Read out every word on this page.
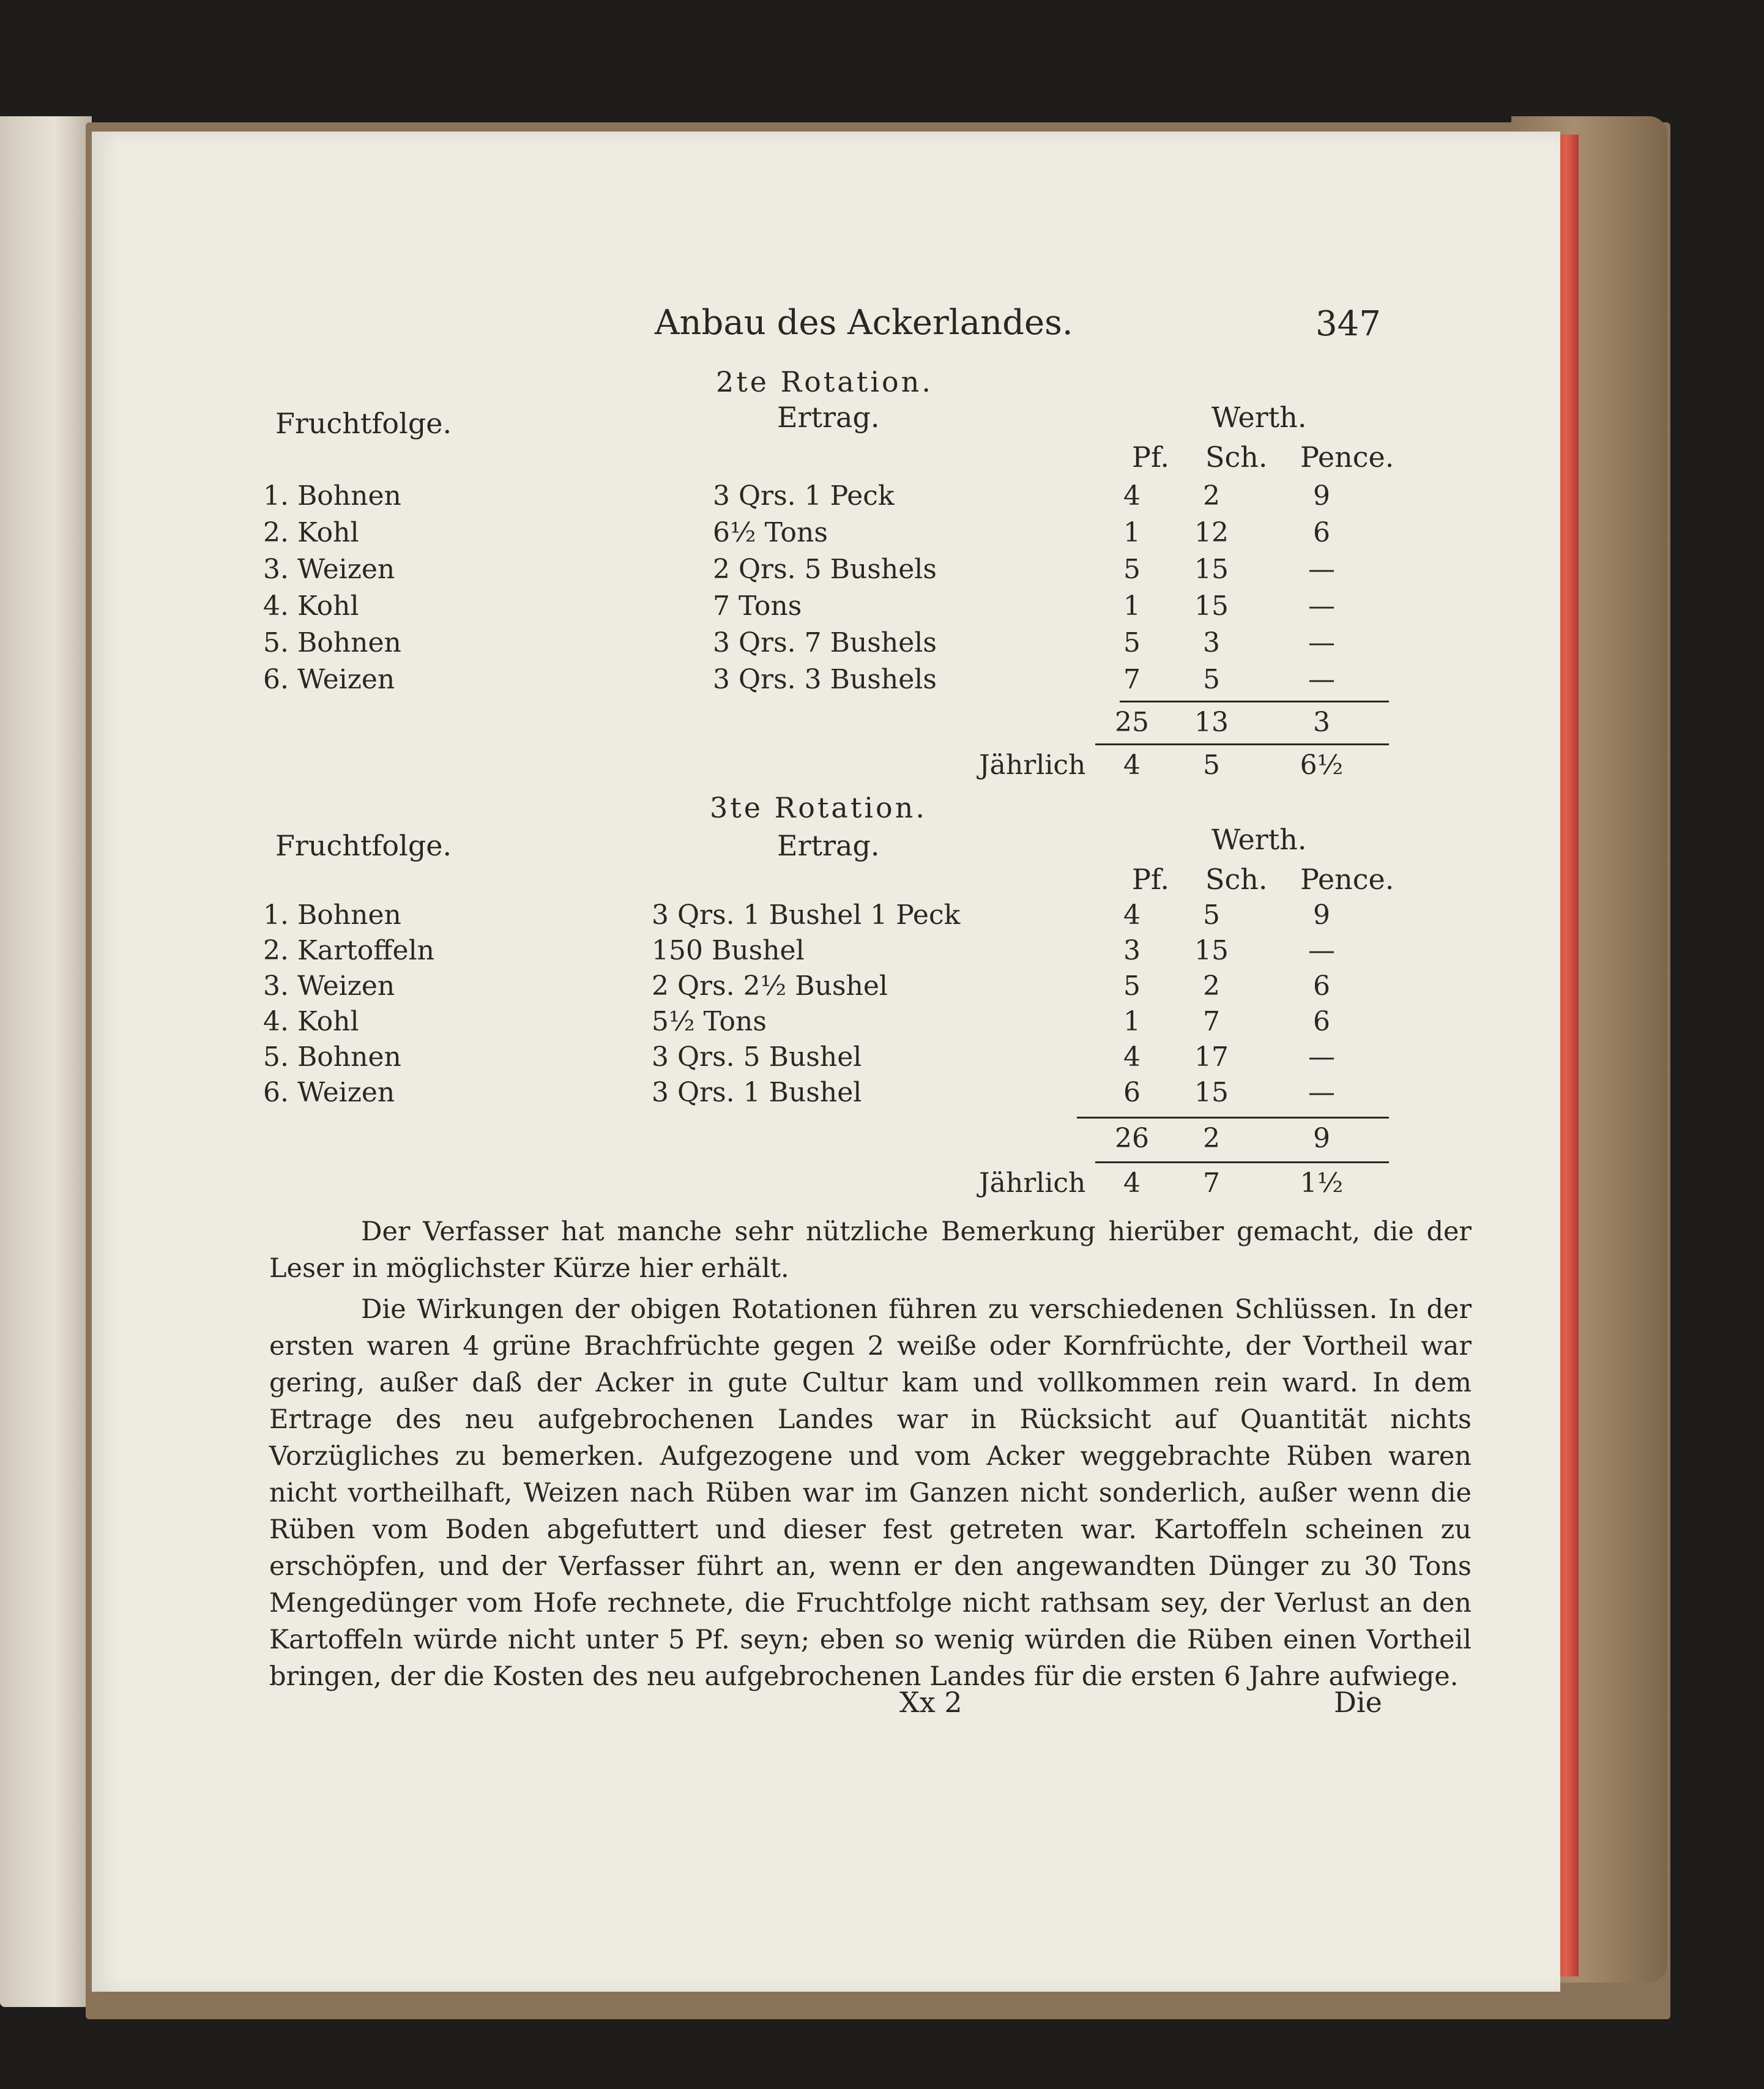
Anbau des Ackerlandes.	347
2te Rotation.
Fruchtfolge.	Ertrag.	Werth.
Pf. Sch. Pence.
1. Bohnen	3 Qrs. 1 Peck	4	2	9
2. Kohl	6½ Tons	1	12	6
3. Weizen	2 Qrs. 5 Bushels	5	15	—
4. Kohl	7 Tons	1	15	—
5. Bohnen	3 Qrs. 7 Bushels	5	3	—
6. Weizen	3 Qrs. 3 Bushels	7	5	—
25	13	3
Jährlich	4	5	6½
3te Rotation.
Fruchtfolge.	Ertrag.	Werth.
Pf. Sch. Pence.
1. Bohnen	3 Qrs. 1 Bushel 1 Peck	4	5	9
2. Kartoffeln	150 Bushel	3	15	—
3. Weizen	2 Qrs. 2½ Bushel	5	2	6
4. Kohl	5½ Tons	1	7	6
5. Bohnen	3 Qrs. 5 Bushel	4	17	—
6. Weizen	3 Qrs. 1 Bushel	6	15	—
26	2	9
Jährlich	4	7	1½
Der Verfasser hat manche sehr nützliche Bemerkung hierüber gemacht, die der Leser in möglichster Kürze hier erhält.
Die Wirkungen der obigen Rotationen führen zu verschiedenen Schlüssen. In der ersten waren 4 grüne Brachfrüchte gegen 2 weiße oder Kornfrüchte, der Vortheil war gering, außer daß der Acker in gute Cultur kam und vollkommen rein ward. In dem Ertrage des neu aufgebrochenen Landes war in Rücksicht auf Quantität nichts Vorzügliches zu bemerken. Aufgezogene und vom Acker weggebrachte Rüben waren nicht vortheilhaft, Weizen nach Rüben war im Ganzen nicht sonderlich, außer wenn die Rüben vom Boden abgefuttert und dieser fest getreten war. Kartoffeln scheinen zu erschöpfen, und der Verfasser führt an, wenn er den angewandten Dünger zu 30 Tons Mengedünger vom Hofe rechnete, die Fruchtfolge nicht rathsam sey, der Verlust an den Kartoffeln würde nicht unter 5 Pf. seyn; eben so wenig würden die Rüben einen Vortheil bringen, der die Kosten des neu aufgebrochenen Landes für die ersten 6 Jahre aufwiege.
Xx 2	Die
